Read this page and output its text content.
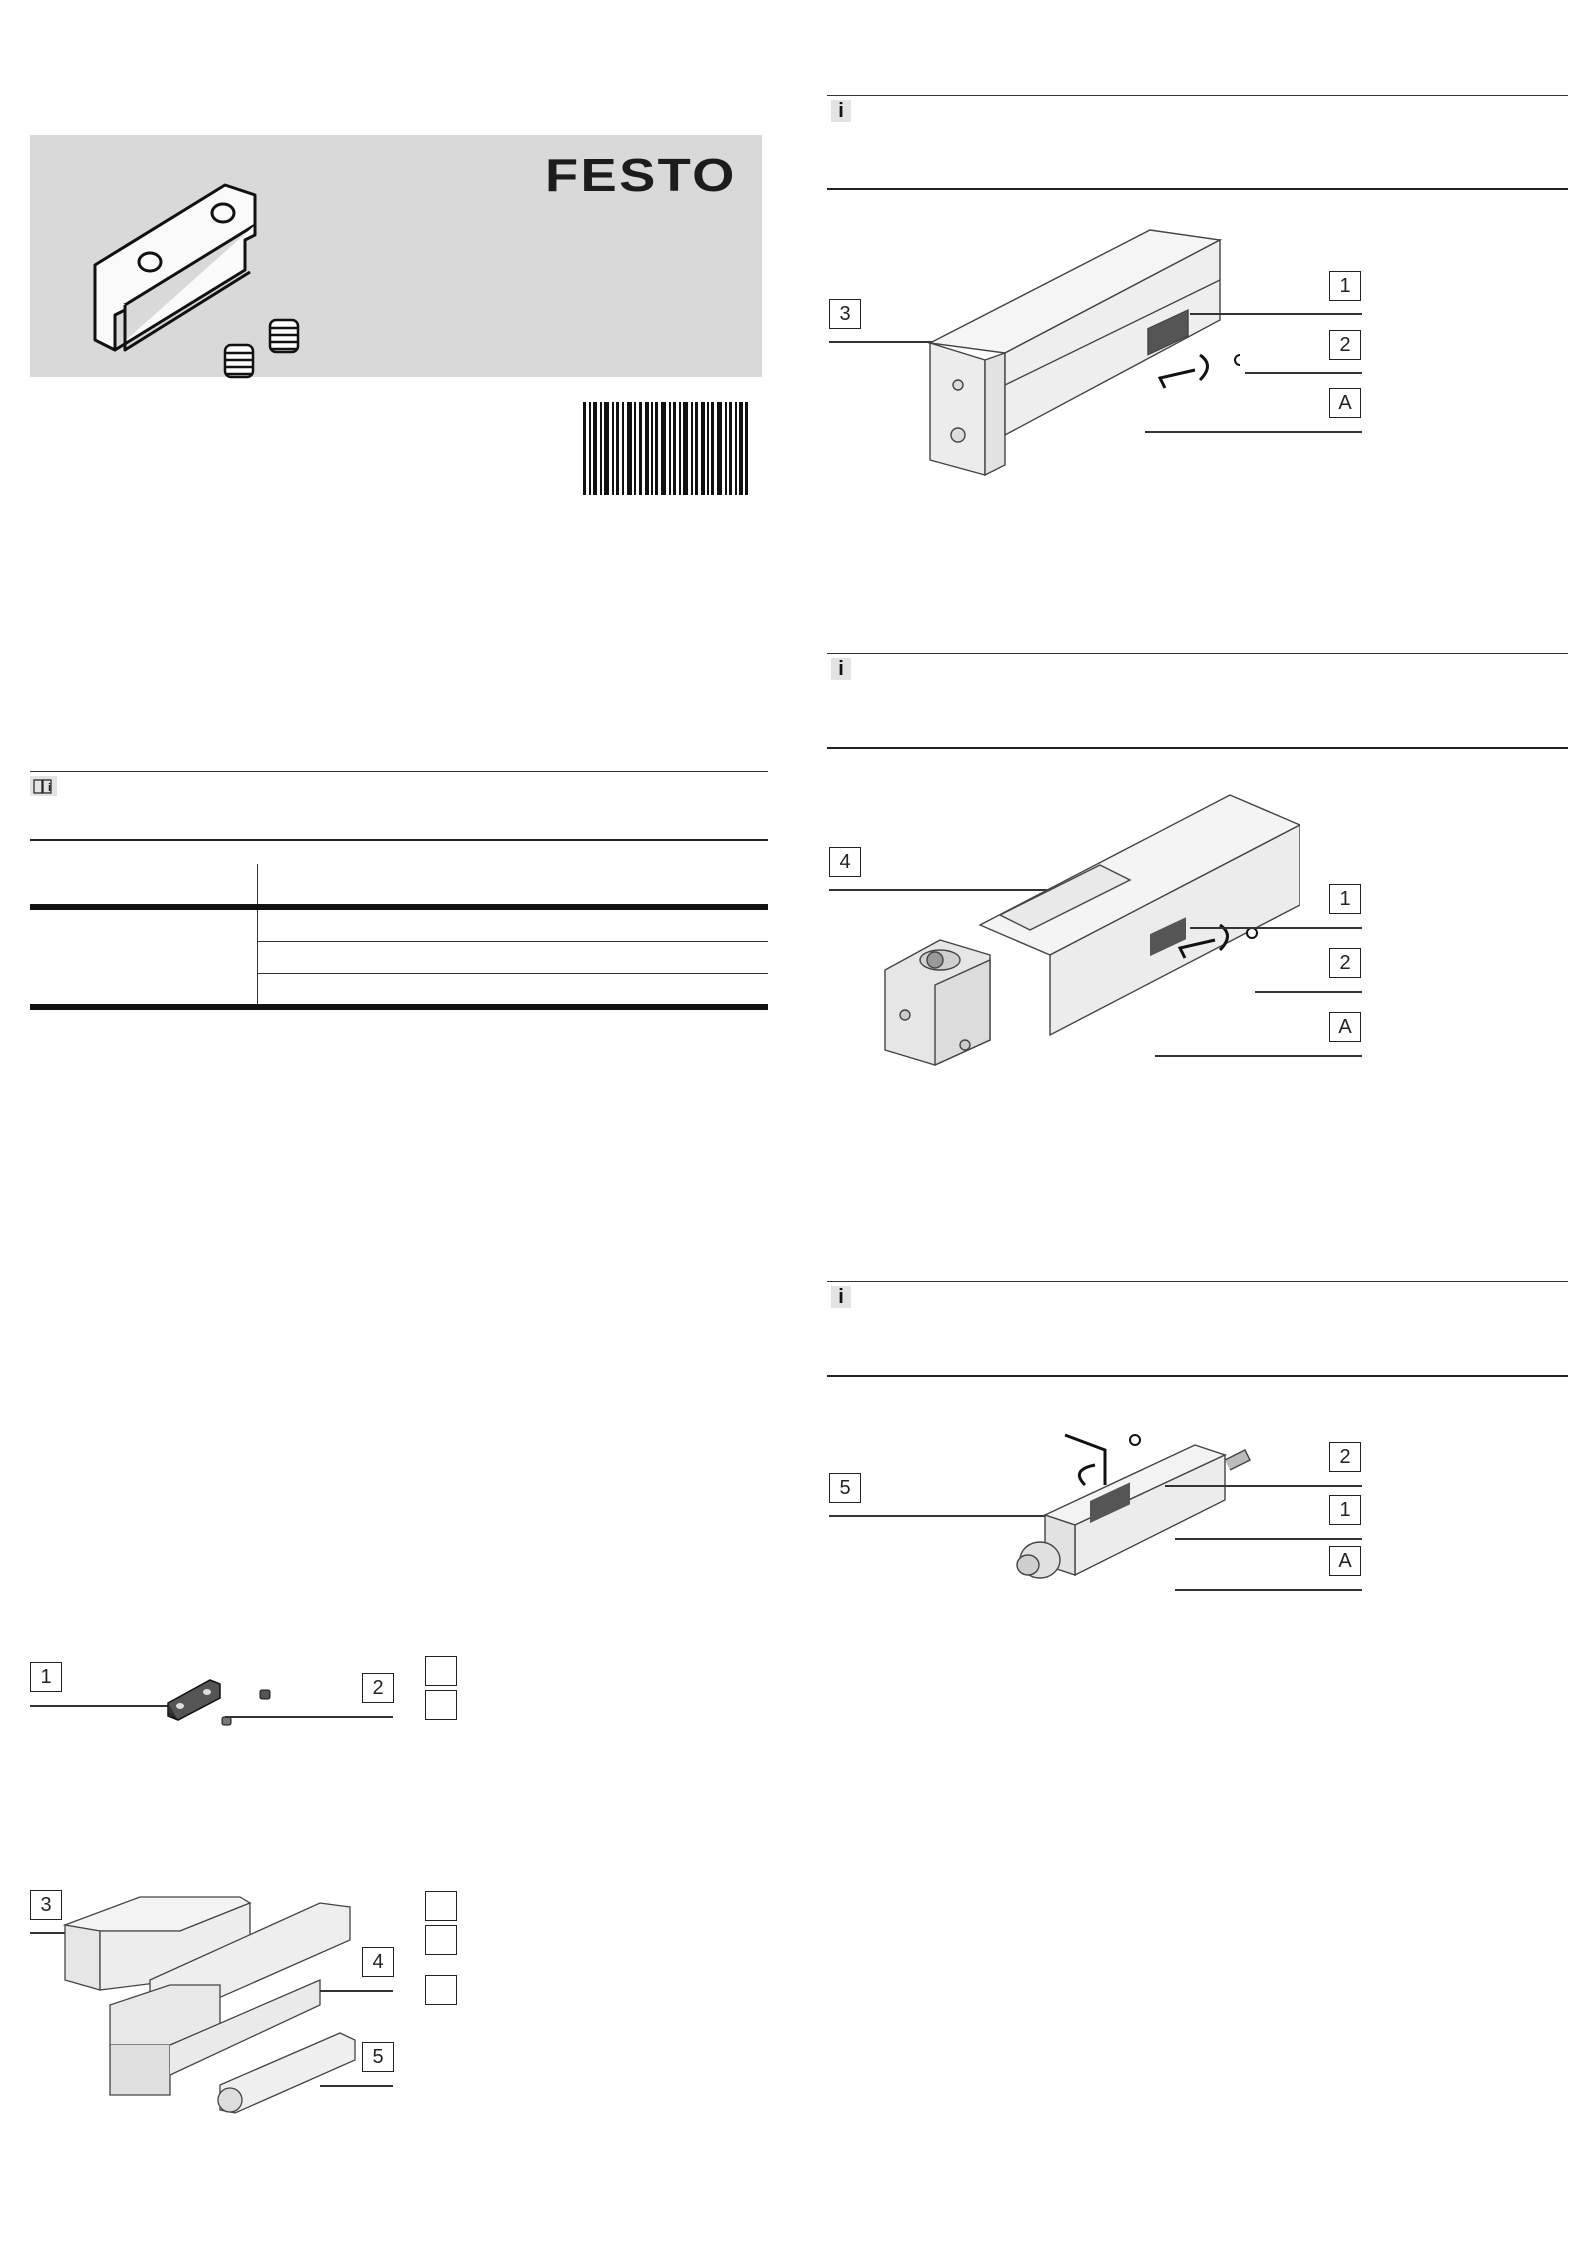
FESTO
i
1	2
3
4
5
i
3
1
2
A
i
4
1
2
A
i
5
2
1
A
